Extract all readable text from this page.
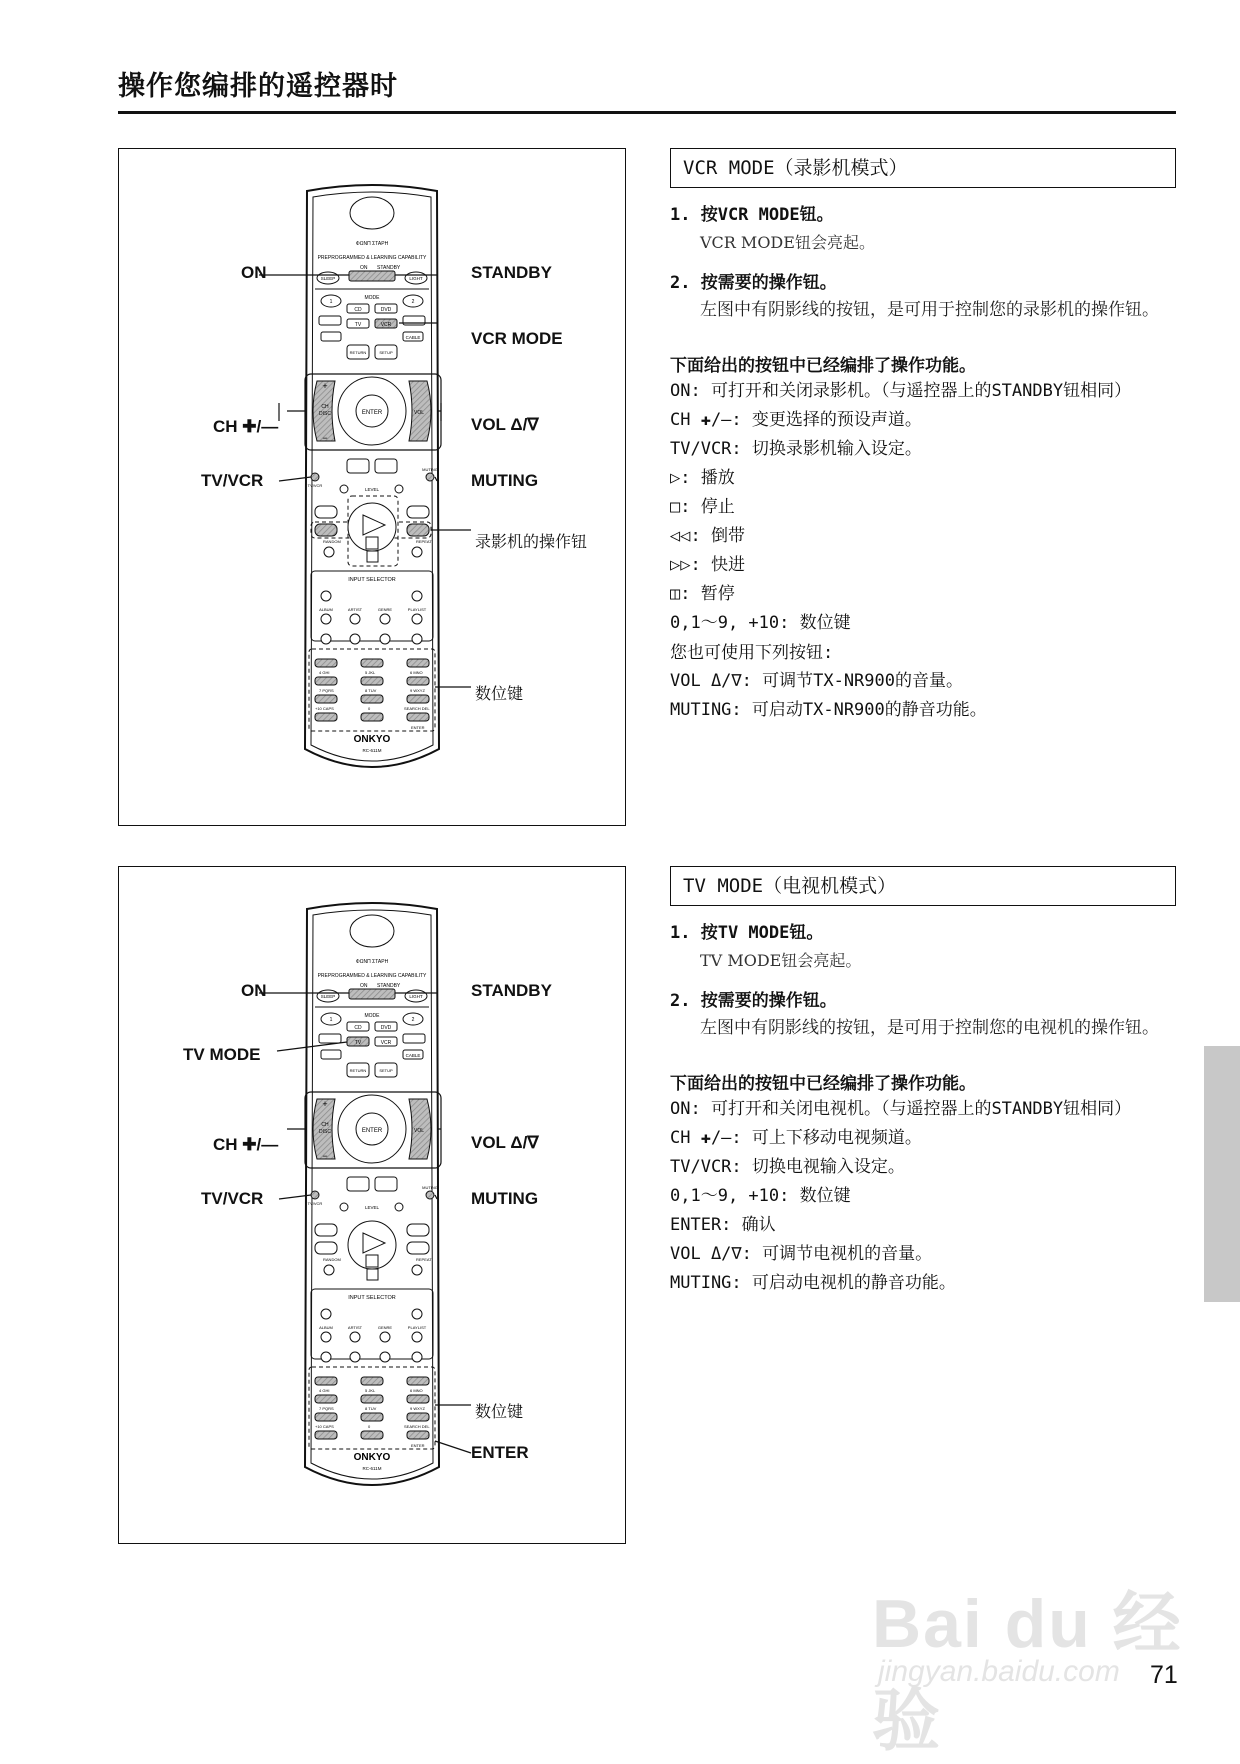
操作您编排的遥控器时
ΦΩΝΠ ΣΤΑΡΗ
PREPROGRAMMED & LEARNING CAPABILITY
ON STANDBY
SLEEP	LIGHT
1	2
MODE
CD	DVD
TV	VCR
CABLE
RETURN	SETUP
ENTER
CH
DISC	VOL
+
−
TV/VCR
MUTING
LEVEL
RANDOM	REPEAT
INPUT SELECTOR
ALBUM	ARTIST	GENRE	PLAYLIST
4 GHI	5 JKL	6 MNO
7 PQRS	8 TUV	9 WXYZ
+10 CAPS	0	SEARCH DEL
ENTER
ONKYO
RC-611M
ON	STANDBY
VCR MODE
CH ✚/—	VOL Δ/∇
TV/VCR	MUTING
录影机的操作钮
数位键
ΦΩΝΠ ΣΤΑΡΗ
PREPROGRAMMED & LEARNING CAPABILITY
ON STANDBY
SLEEP	LIGHT
1	2
MODE
CD	DVD
TV	VCR
CABLE
RETURN	SETUP
ENTER
CH
DISC	VOL
+
−
TV/VCR
MUTING
LEVEL
RANDOM	REPEAT
INPUT SELECTOR
ALBUM	ARTIST	GENRE	PLAYLIST
4 GHI	5 JKL	6 MNO
7 PQRS	8 TUV	9 WXYZ
+10 CAPS	0	SEARCH DEL
ENTER
ONKYO
RC-611M
ON	STANDBY
TV MODE
CH ✚/—	VOL Δ/∇
TV/VCR	MUTING
数位键
ENTER
VCR MODE（录影机模式）
1. 按VCR MODE钮。
VCR MODE钮会亮起。
2. 按需要的操作钮。
左图中有阴影线的按钮，是可用于控制您的录影机的操作钮。
下面给出的按钮中已经编排了操作功能。
ON: 可打开和关闭录影机。（与遥控器上的STANDBY钮相同）
CH ✚/—: 变更选择的预设声道。
TV/VCR: 切换录影机输入设定。
▷: 播放
□: 停止
◁◁: 倒带
▷▷: 快进
◫: 暂停
0,1～9, +10: 数位键
您也可使用下列按钮:
VOL Δ/∇: 可调节TX-NR900的音量。
MUTING: 可启动TX-NR900的静音功能。
TV MODE（电视机模式）
1. 按TV MODE钮。
TV MODE钮会亮起。
2. 按需要的操作钮。
左图中有阴影线的按钮，是可用于控制您的电视机的操作钮。
下面给出的按钮中已经编排了操作功能。
ON: 可打开和关闭电视机。（与遥控器上的STANDBY钮相同）
CH ✚/—: 可上下移动电视频道。
TV/VCR: 切换电视输入设定。
0,1～9, +10: 数位键
ENTER: 确认
VOL Δ/∇: 可调节电视机的音量。
MUTING: 可启动电视机的静音功能。
Bai du 经验
jingyan.baidu.com 71
